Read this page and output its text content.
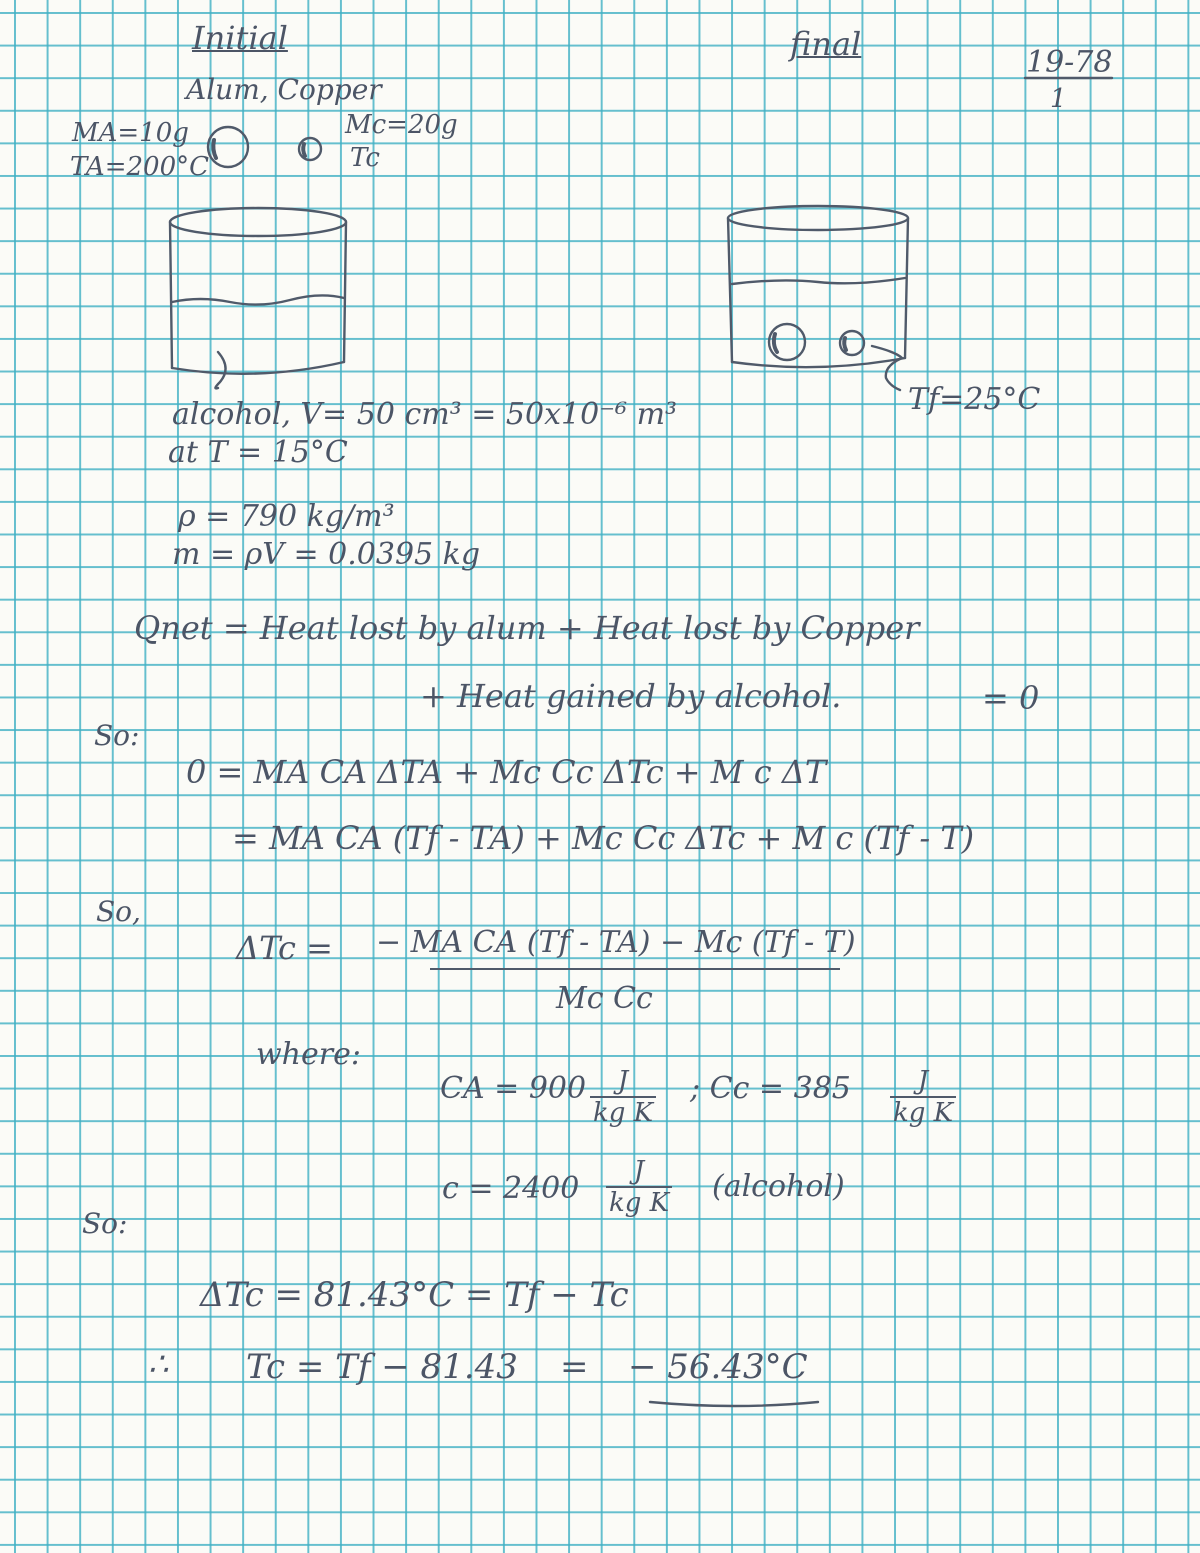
Initial	final	19-78
1
Alum, Copper
MA=10g
TA=200°C
Mc=20g
Tc
Tf=25°C
alcohol, V= 50 cm³ = 50x10⁻⁶ m³
at T = 15°C
ρ = 790 kg/m³
m = ρV = 0.0395 kg
Qnet = Heat lost by alum + Heat lost by Copper
+ Heat gained by alcohol.	= 0
So:
0 = MA CA ΔTA + Mc Cc ΔTc + M c ΔT
= MA CA (Tf - TA) + Mc Cc ΔTc + M c (Tf - T)
So,
ΔTc = − MA CA (Tf - TA) − Mc (Tf - T)
Mc Cc
where:
CA = 900	J
kg K
; Cc = 385	J
kg K
c = 2400	J
kg K (alcohol)
So:
ΔTc = 81.43°C = Tf − Tc
∴ Tc = Tf − 81.43 = − 56.43°C
